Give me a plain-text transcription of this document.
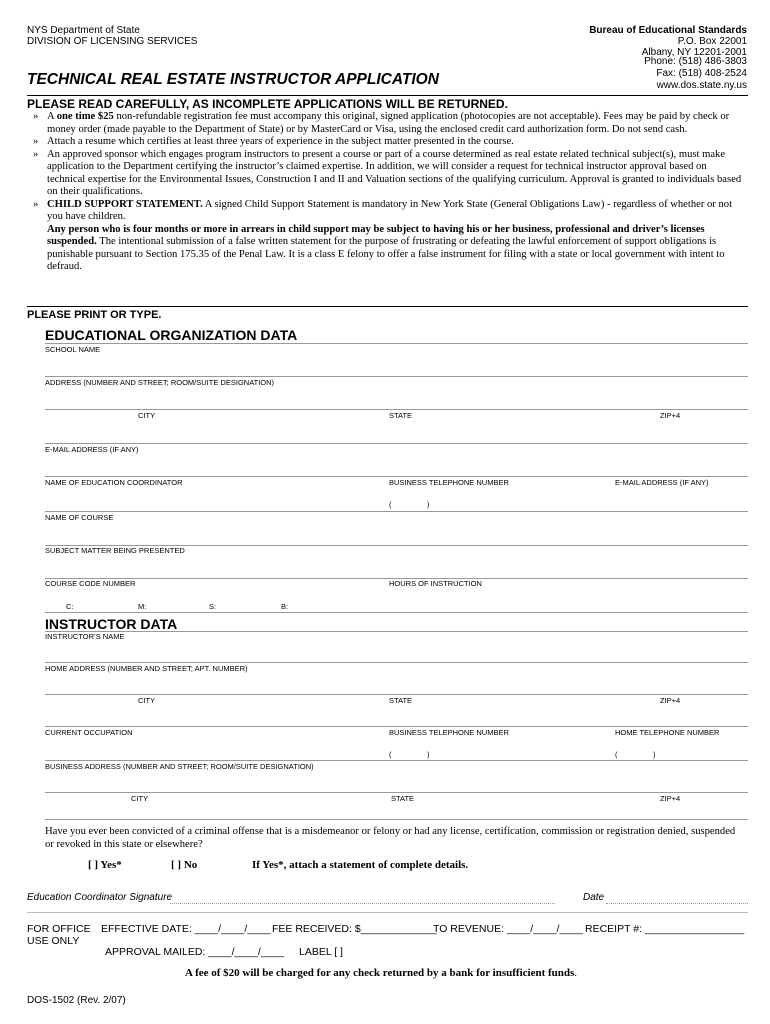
NYS Department of State
DIVISION OF LICENSING SERVICES
Bureau of Educational Standards
P.O. Box 22001
Albany, NY 12201-2001
Phone: (518) 486-3803
Fax: (518) 408-2524
www.dos.state.ny.us
TECHNICAL REAL ESTATE INSTRUCTOR APPLICATION
PLEASE READ CAREFULLY, AS INCOMPLETE APPLICATIONS WILL BE RETURNED.

» A one time $25 non-refundable registration fee must accompany this original, signed application (photocopies are not acceptable). Fees may be paid by check or money order (made payable to the Department of State) or by MasterCard or Visa, using the enclosed credit card authorization form. Do not send cash.

» Attach a resume which certifies at least three years of experience in the subject matter presented in the course.

» An approved sponsor which engages program instructors to present a course or part of a course determined as real estate related technical subject(s), must make application to the Department certifying the instructor’s claimed expertise. In addition, we will consider a request for technical instructor approval based on technical expertise for the Environmental Issues, Construction I and II and Valuation sections of the qualifying curriculum. Approval is granted to individuals based on their qualifications.

» CHILD SUPPORT STATEMENT. A signed Child Support Statement is mandatory in New York State (General Obligations Law) - regardless of whether or not you have children.

Any person who is four months or more in arrears in child support may be subject to having his or her business, professional and driver’s licenses suspended. The intentional submission of a false written statement for the purpose of frustrating or defeating the lawful enforcement of support obligations is punishable pursuant to Section 175.35 of the Penal Law. It is a class E felony to offer a false instrument for filing with a state or local government with intent to defraud.

PLEASE PRINT OR TYPE.
EDUCATIONAL ORGANIZATION DATA
SCHOOL NAME
ADDRESS (NUMBER AND STREET; ROOM/SUITE DESIGNATION)
CITY	STATE	ZIP+4
E-MAIL ADDRESS (IF ANY)
NAME OF EDUCATION COORDINATOR	BUSINESS TELEPHONE NUMBER	E-MAIL ADDRESS (IF ANY)
(	)
NAME OF COURSE
SUBJECT MATTER BEING PRESENTED
COURSE CODE NUMBER	HOURS OF INSTRUCTION
C:	M:	S:	B:
INSTRUCTOR DATA
INSTRUCTOR’S NAME
HOME ADDRESS (NUMBER AND STREET; APT. NUMBER)
CITY	STATE	ZIP+4
CURRENT OCCUPATION	BUSINESS TELEPHONE NUMBER	HOME TELEPHONE NUMBER
(	)	(	)
BUSINESS ADDRESS (NUMBER AND STREET; ROOM/SUITE DESIGNATION)
CITY	STATE	ZIP+4
Have you ever been convicted of a criminal offense that is a misdemeanor or felony or had any license, certification, commission or registration denied, suspended or revoked in this state or elsewhere?
[ ] Yes*	[ ] No	If Yes*, attach a statement of complete details.
Education Coordinator Signature	Date
FOR OFFICE
USE ONLY
EFFECTIVE DATE: ____/____/____ FEE RECEIVED: $_____________
TO REVENUE: ____/____/____ RECEIPT #: _________________
APPROVAL MAILED: ____/____/____ LABEL [ ]
A fee of $20 will be charged for any check returned by a bank for insufficient funds.
DOS-1502 (Rev. 2/07)
